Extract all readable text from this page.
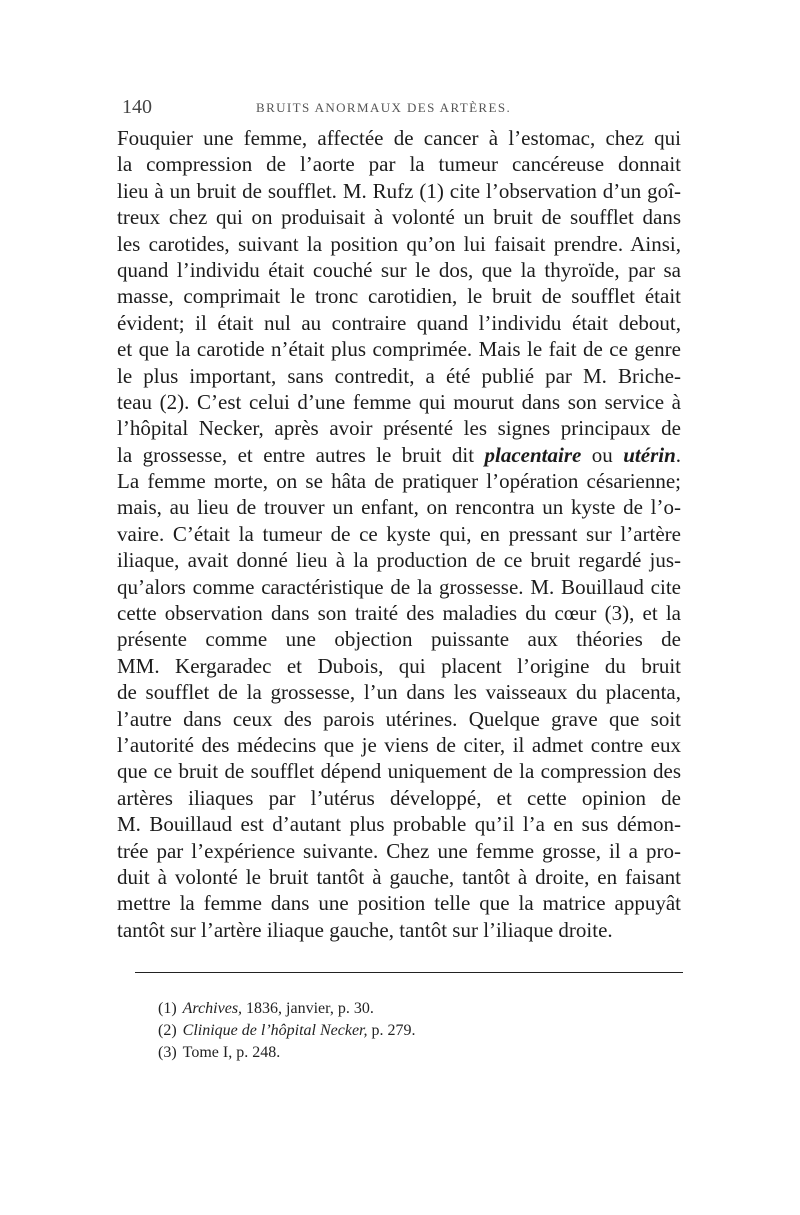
140	BRUITS ANORMAUX DES ARTÈRES.
Fouquier une femme, affectée de cancer à l’estomac, chez qui
la compression de l’aorte par la tumeur cancéreuse donnait
lieu à un bruit de soufflet. M. Rufz (1) cite l’observation d’un goî-
treux chez qui on produisait à volonté un bruit de soufflet dans
les carotides, suivant la position qu’on lui faisait prendre. Ainsi,
quand l’individu était couché sur le dos, que la thyroïde, par sa
masse, comprimait le tronc carotidien, le bruit de soufflet était
évident; il était nul au contraire quand l’individu était debout,
et que la carotide n’était plus comprimée. Mais le fait de ce genre
le plus important, sans contredit, a été publié par M. Briche-
teau (2). C’est celui d’une femme qui mourut dans son service à
l’hôpital Necker, après avoir présenté les signes principaux de
la grossesse, et entre autres le bruit dit placentaire ou utérin.
La femme morte, on se hâta de pratiquer l’opération césarienne;
mais, au lieu de trouver un enfant, on rencontra un kyste de l’o-
vaire. C’était la tumeur de ce kyste qui, en pressant sur l’artère
iliaque, avait donné lieu à la production de ce bruit regardé jus-
qu’alors comme caractéristique de la grossesse. M. Bouillaud cite
cette observation dans son traité des maladies du cœur (3), et la
présente comme une objection puissante aux théories de
MM. Kergaradec et Dubois, qui placent l’origine du bruit
de soufflet de la grossesse, l’un dans les vaisseaux du placenta,
l’autre dans ceux des parois utérines. Quelque grave que soit
l’autorité des médecins que je viens de citer, il admet contre eux
que ce bruit de soufflet dépend uniquement de la compression des
artères iliaques par l’utérus développé, et cette opinion de
M. Bouillaud est d’autant plus probable qu’il l’a en sus démon-
trée par l’expérience suivante. Chez une femme grosse, il a pro-
duit à volonté le bruit tantôt à gauche, tantôt à droite, en faisant
mettre la femme dans une position telle que la matrice appuyât
tantôt sur l’artère iliaque gauche, tantôt sur l’iliaque droite.
(1) Archives, 1836, janvier, p. 30.
(2) Clinique de l’hôpital Necker, p. 279.
(3) Tome I, p. 248.
